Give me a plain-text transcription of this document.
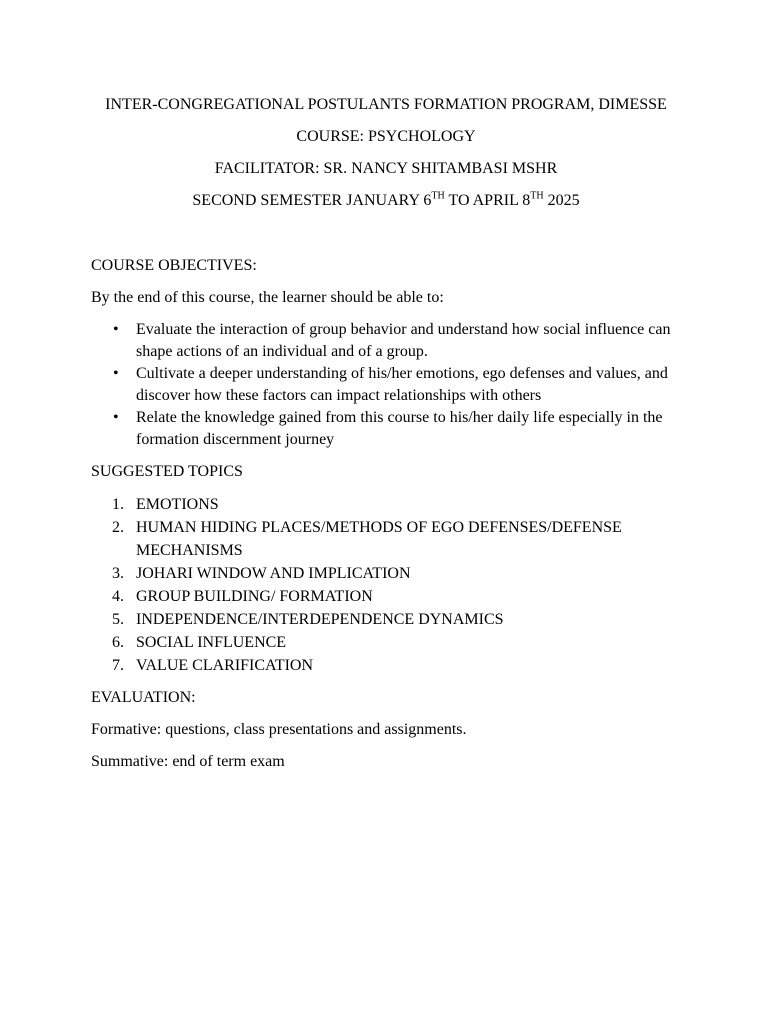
INTER-CONGREGATIONAL POSTULANTS FORMATION PROGRAM, DIMESSE
COURSE: PSYCHOLOGY
FACILITATOR: SR. NANCY SHITAMBASI MSHR
SECOND SEMESTER JANUARY 6TH TO APRIL 8TH 2025
COURSE OBJECTIVES:

By the end of this course, the learner should be able to:

• Evaluate the interaction of group behavior and understand how social influence can shape actions of an individual and of a group.
• Cultivate a deeper understanding of his/her emotions, ego defenses and values, and discover how these factors can impact relationships with others
• Relate the knowledge gained from this course to his/her daily life especially in the formation discernment journey
SUGGESTED TOPICS
1. EMOTIONS
2. HUMAN HIDING PLACES/METHODS OF EGO DEFENSES/DEFENSE MECHANISMS
3. JOHARI WINDOW AND IMPLICATION
4. GROUP BUILDING/ FORMATION
5. INDEPENDENCE/INTERDEPENDENCE DYNAMICS
6. SOCIAL INFLUENCE
7. VALUE CLARIFICATION
EVALUATION:

Formative: questions, class presentations and assignments.

Summative: end of term exam
